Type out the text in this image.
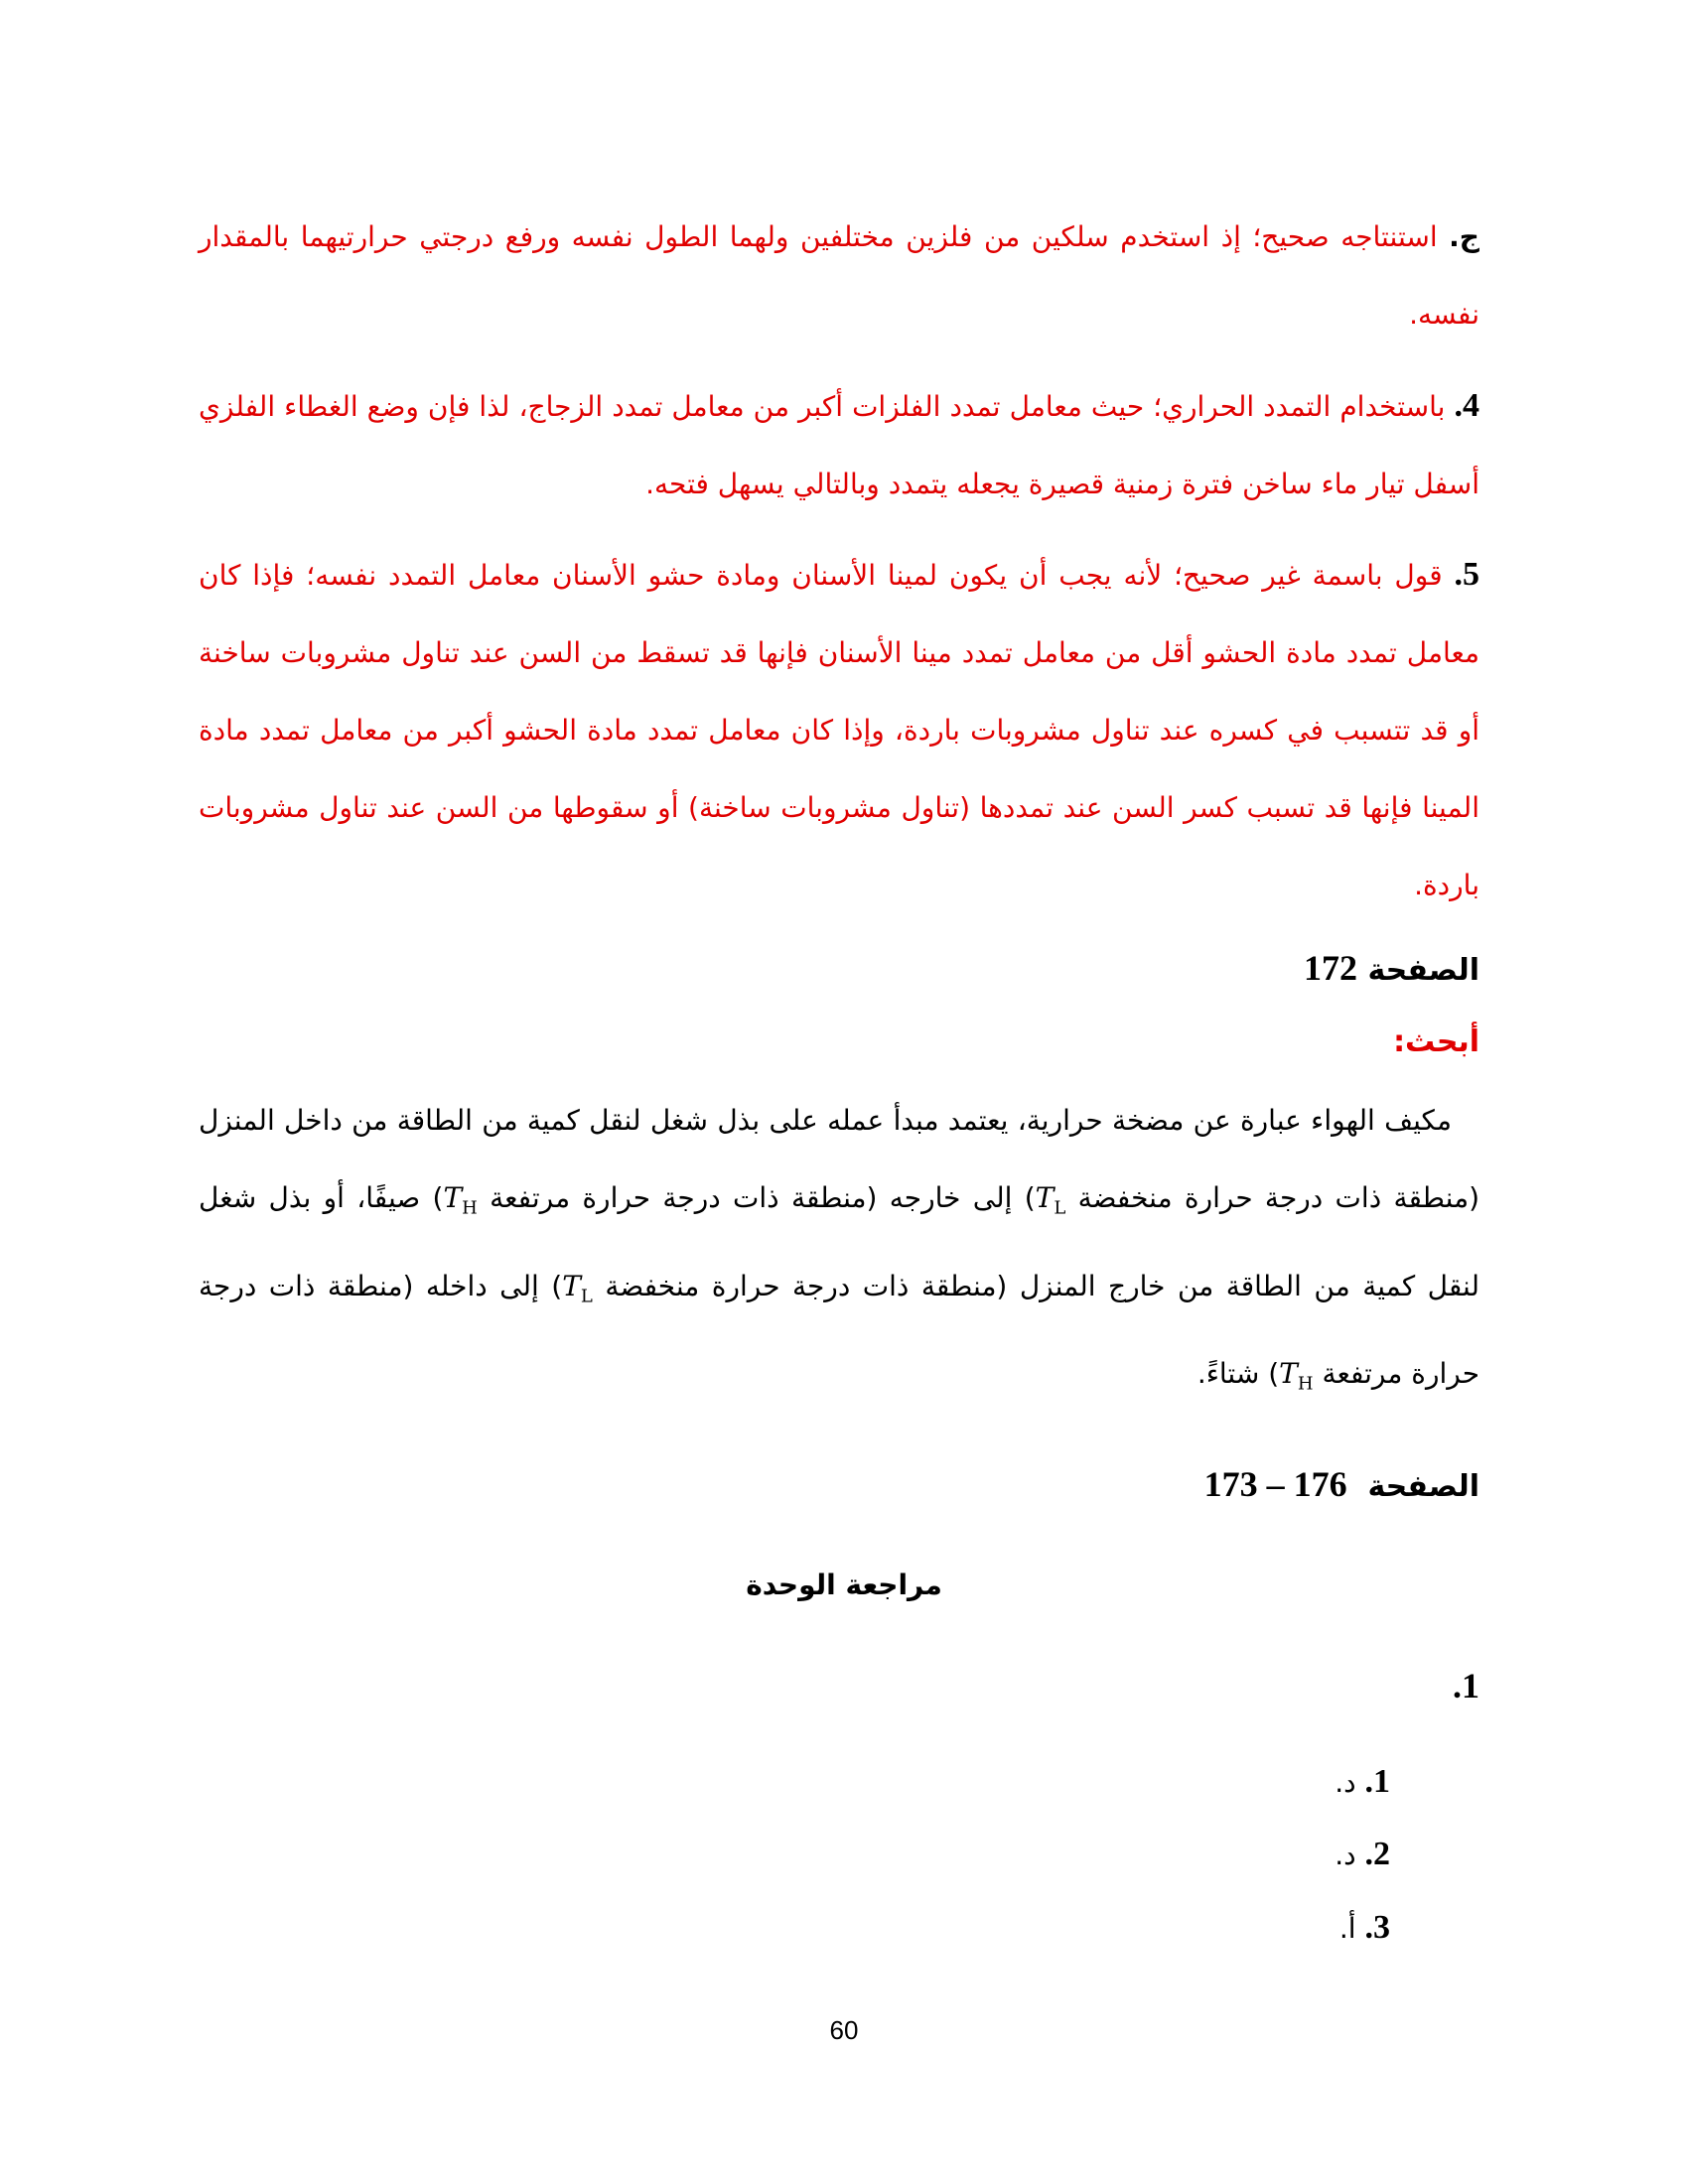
ج. استنتاجه صحيح؛ إذ استخدم سلكين من فلزين مختلفين ولهما الطول نفسه ورفع درجتي حرارتيهما بالمقدار نفسه.
4. باستخدام التمدد الحراري؛ حيث معامل تمدد الفلزات أكبر من معامل تمدد الزجاج، لذا فإن وضع الغطاء الفلزي أسفل تيار ماء ساخن فترة زمنية قصيرة يجعله يتمدد وبالتالي يسهل فتحه.
5. قول باسمة غير صحيح؛ لأنه يجب أن يكون لمينا الأسنان ومادة حشو الأسنان معامل التمدد نفسه؛ فإذا كان معامل تمدد مادة الحشو أقل من معامل تمدد مينا الأسنان فإنها قد تسقط من السن عند تناول مشروبات ساخنة أو قد تتسبب في كسره عند تناول مشروبات باردة، وإذا كان معامل تمدد مادة الحشو أكبر من معامل تمدد مادة المينا فإنها قد تسبب كسر السن عند تمددها (تناول مشروبات ساخنة) أو سقوطها من السن عند تناول مشروبات باردة.
الصفحة 172
أبحث:
مكيف الهواء عبارة عن مضخة حرارية، يعتمد مبدأ عمله على بذل شغل لنقل كمية من الطاقة من داخل المنزل (منطقة ذات درجة حرارة منخفضة $T_L$) إلى خارجه (منطقة ذات درجة حرارة مرتفعة $T_H$) صيفًا، أو بذل شغل لنقل كمية من الطاقة من خارج المنزل (منطقة ذات درجة حرارة منخفضة $T_L$) إلى داخله (منطقة ذات درجة حرارة مرتفعة $T_H$) شتاءً.
الصفحة  173 – 176
مراجعة الوحدة
.1
1. د.
2. د.
3. أ.
60
